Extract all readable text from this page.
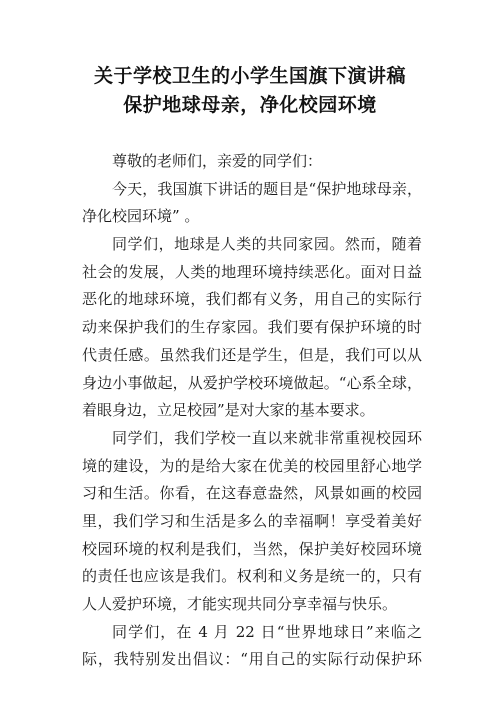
关于学校卫生的小学生国旗下演讲稿
保护地球母亲，净化校园环境
尊敬的老师们，亲爱的同学们：
今天，我国旗下讲话的题目是“保护地球母亲，
净化校园环境” 。
同学们，地球是人类的共同家园。然而，随着
社会的发展，人类的地理环境持续恶化。面对日益
恶化的地球环境，我们都有义务，用自己的实际行
动来保护我们的生存家园。我们要有保护环境的时
代责任感。虽然我们还是学生，但是，我们可以从
身边小事做起，从爱护学校环境做起。“心系全球，
着眼身边，立足校园”是对大家的基本要求。
同学们，我们学校一直以来就非常重视校园环
境的建设，为的是给大家在优美的校园里舒心地学
习和生活。你看，在这春意盎然，风景如画的校园
里，我们学习和生活是多么的幸福啊！享受着美好
校园环境的权利是我们，当然，保护美好校园环境
的责任也应该是我们。权利和义务是统一的，只有
人人爱护环境，才能实现共同分享幸福与快乐。
同学们，在 4 月 22 日“世界地球日”来临之
际，我特别发出倡议：“用自己的实际行动保护环
